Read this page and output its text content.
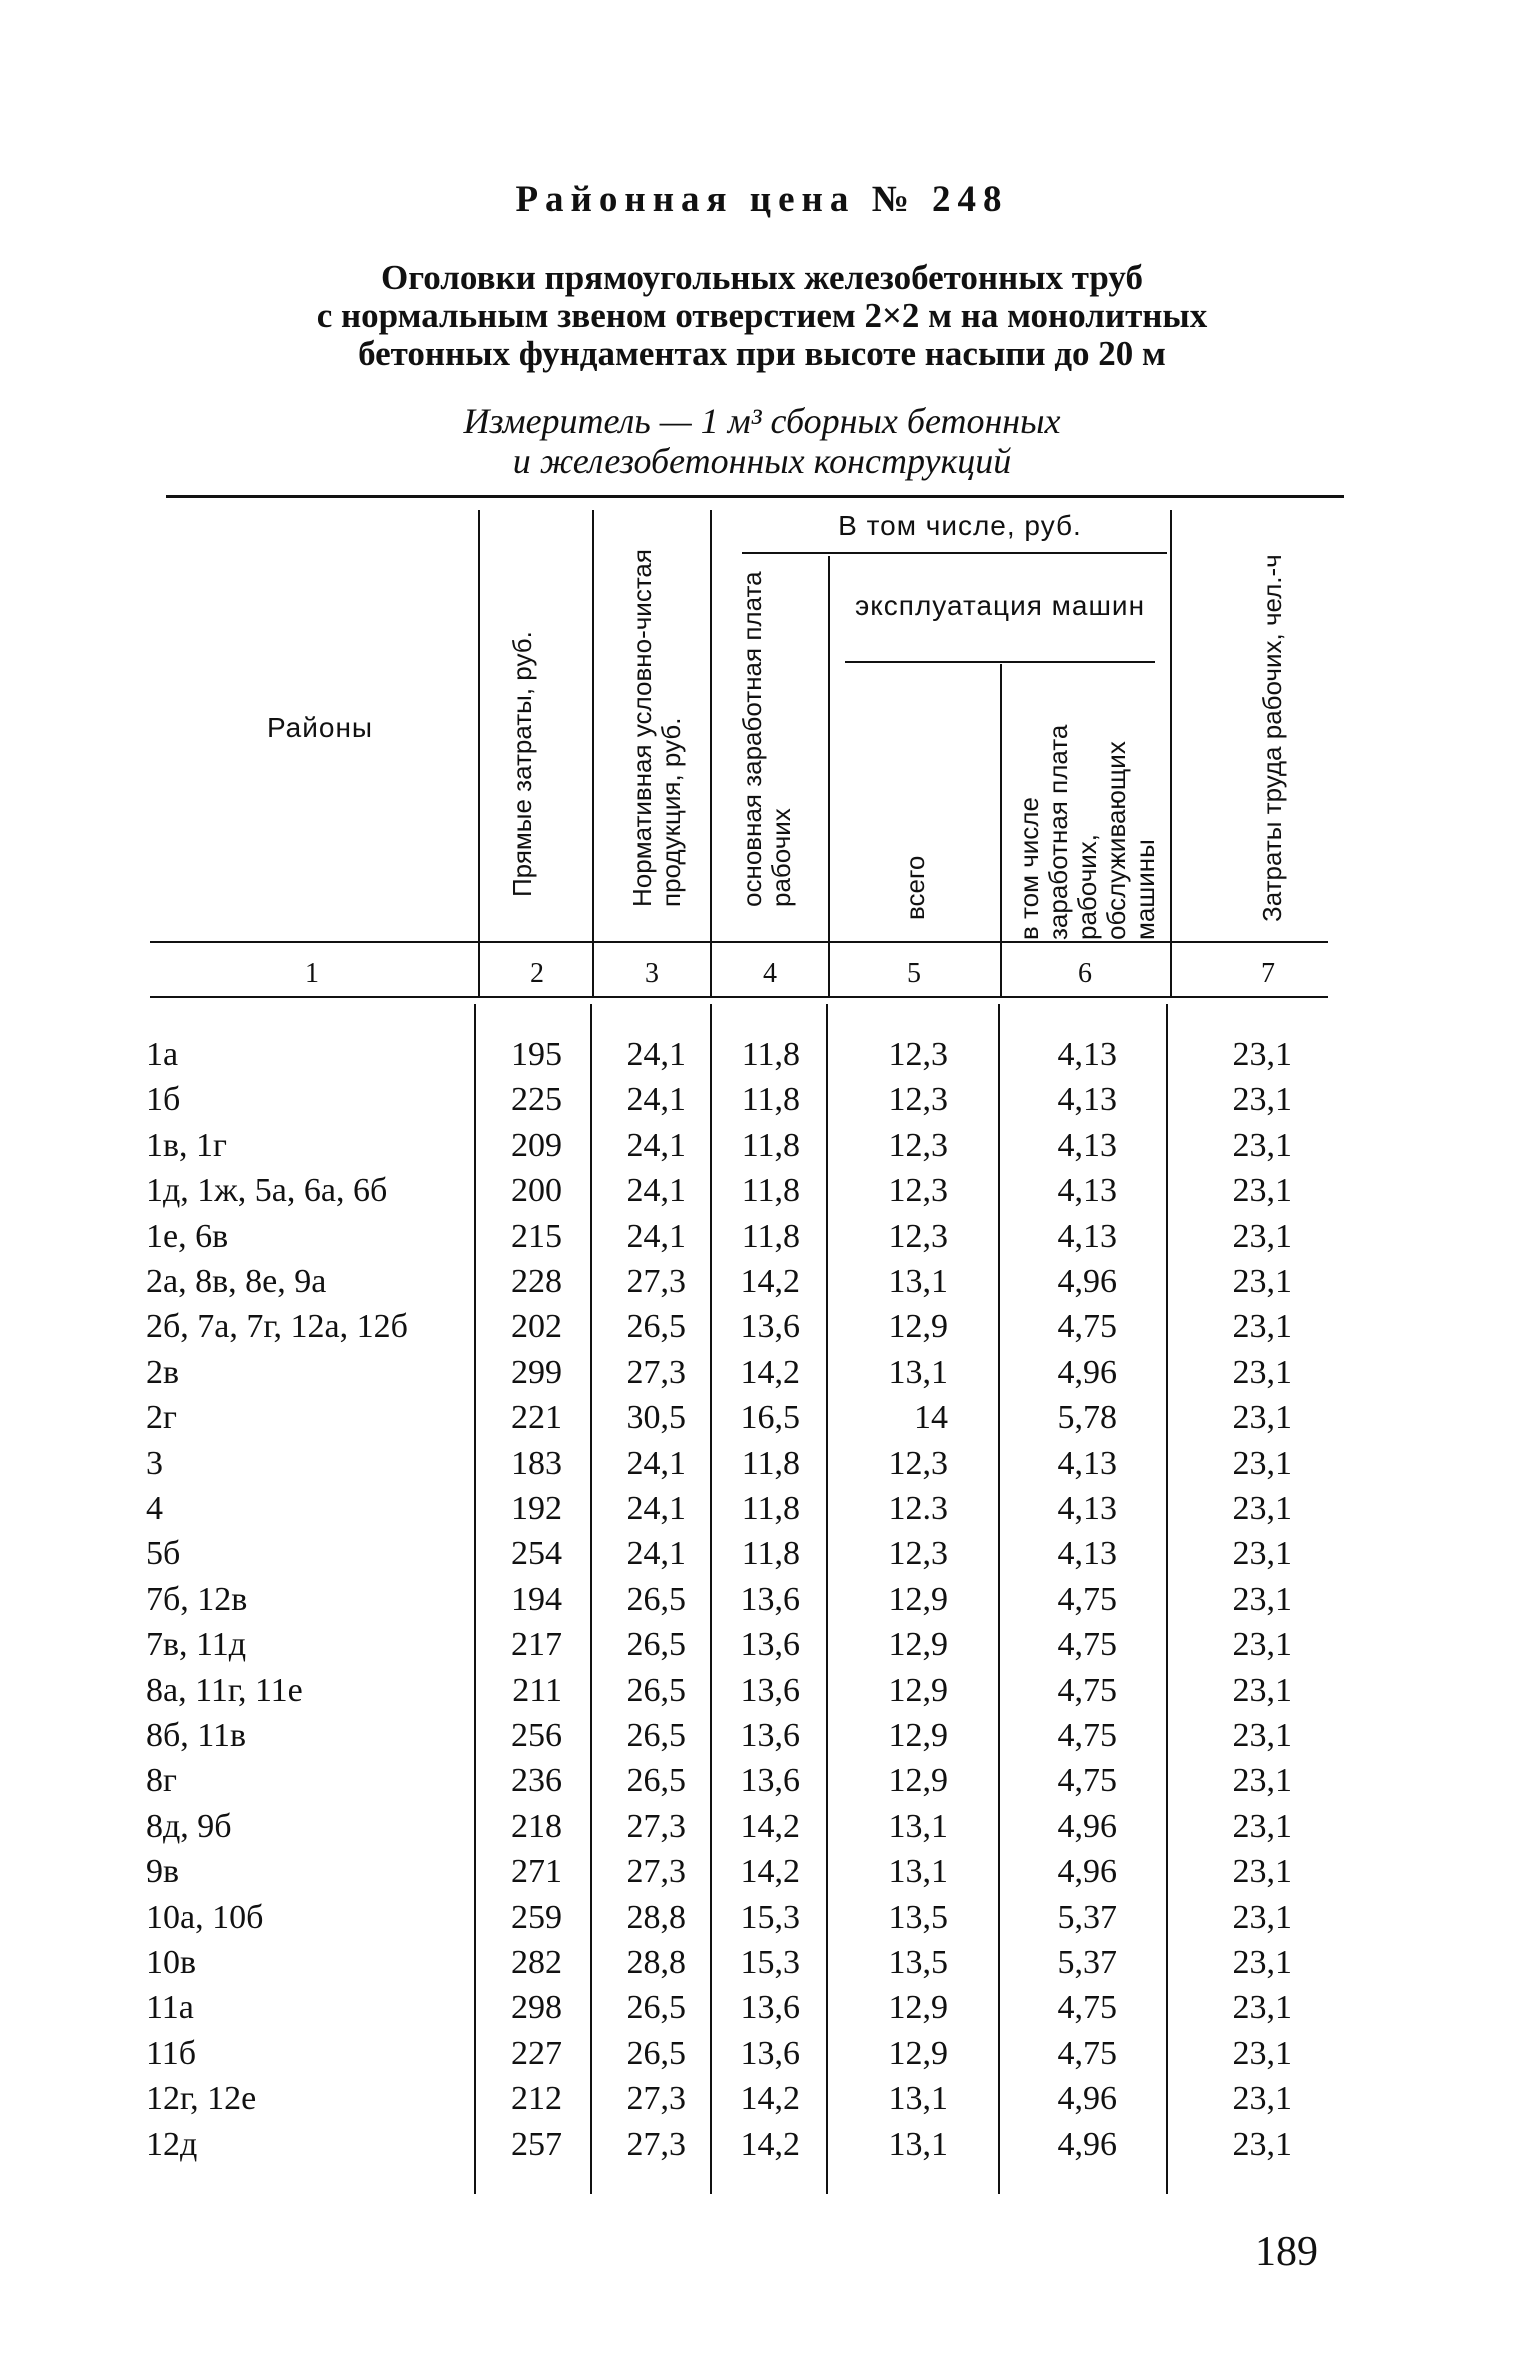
Районная цена № 248
Оголовки прямоугольных железобетонных труб
с нормальным звеном отверстием 2×2 м на монолитных
бетонных фундаментах при высоте насыпи до 20 м
Измеритель — 1 м³ сборных бетонных
и железобетонных конструкций
Районы
В том числе, руб.
эксплуатация машин
Прямые затраты, руб.	Нормативная условно-чистая продукция, руб.	основная заработная плата рабочих	всего	в том числе заработная плата рабочих, обслуживающих машины	Затраты труда рабочих, чел.-ч
1	2	3	4	5	6	7
1а	195	24,1	11,8	12,3	4,13	23,1
1б	225	24,1	11,8	12,3	4,13	23,1
1в, 1г	209	24,1	11,8	12,3	4,13	23,1
1д, 1ж, 5а, 6а, 6б	200	24,1	11,8	12,3	4,13	23,1
1е, 6в	215	24,1	11,8	12,3	4,13	23,1
2а, 8в, 8е, 9а	228	27,3	14,2	13,1	4,96	23,1
2б, 7а, 7г, 12а, 12б	202	26,5	13,6	12,9	4,75	23,1
2в	299	27,3	14,2	13,1	4,96	23,1
2г	221	30,5	16,5	14	5,78	23,1
3	183	24,1	11,8	12,3	4,13	23,1
4	192	24,1	11,8	12.3	4,13	23,1
5б	254	24,1	11,8	12,3	4,13	23,1
7б, 12в	194	26,5	13,6	12,9	4,75	23,1
7в, 11д	217	26,5	13,6	12,9	4,75	23,1
8а, 11г, 11е	211	26,5	13,6	12,9	4,75	23,1
8б, 11в	256	26,5	13,6	12,9	4,75	23,1
8г	236	26,5	13,6	12,9	4,75	23,1
8д, 9б	218	27,3	14,2	13,1	4,96	23,1
9в	271	27,3	14,2	13,1	4,96	23,1
10а, 10б	259	28,8	15,3	13,5	5,37	23,1
10в	282	28,8	15,3	13,5	5,37	23,1
11а	298	26,5	13,6	12,9	4,75	23,1
11б	227	26,5	13,6	12,9	4,75	23,1
12г, 12е	212	27,3	14,2	13,1	4,96	23,1
12д	257	27,3	14,2	13,1	4,96	23,1
189
